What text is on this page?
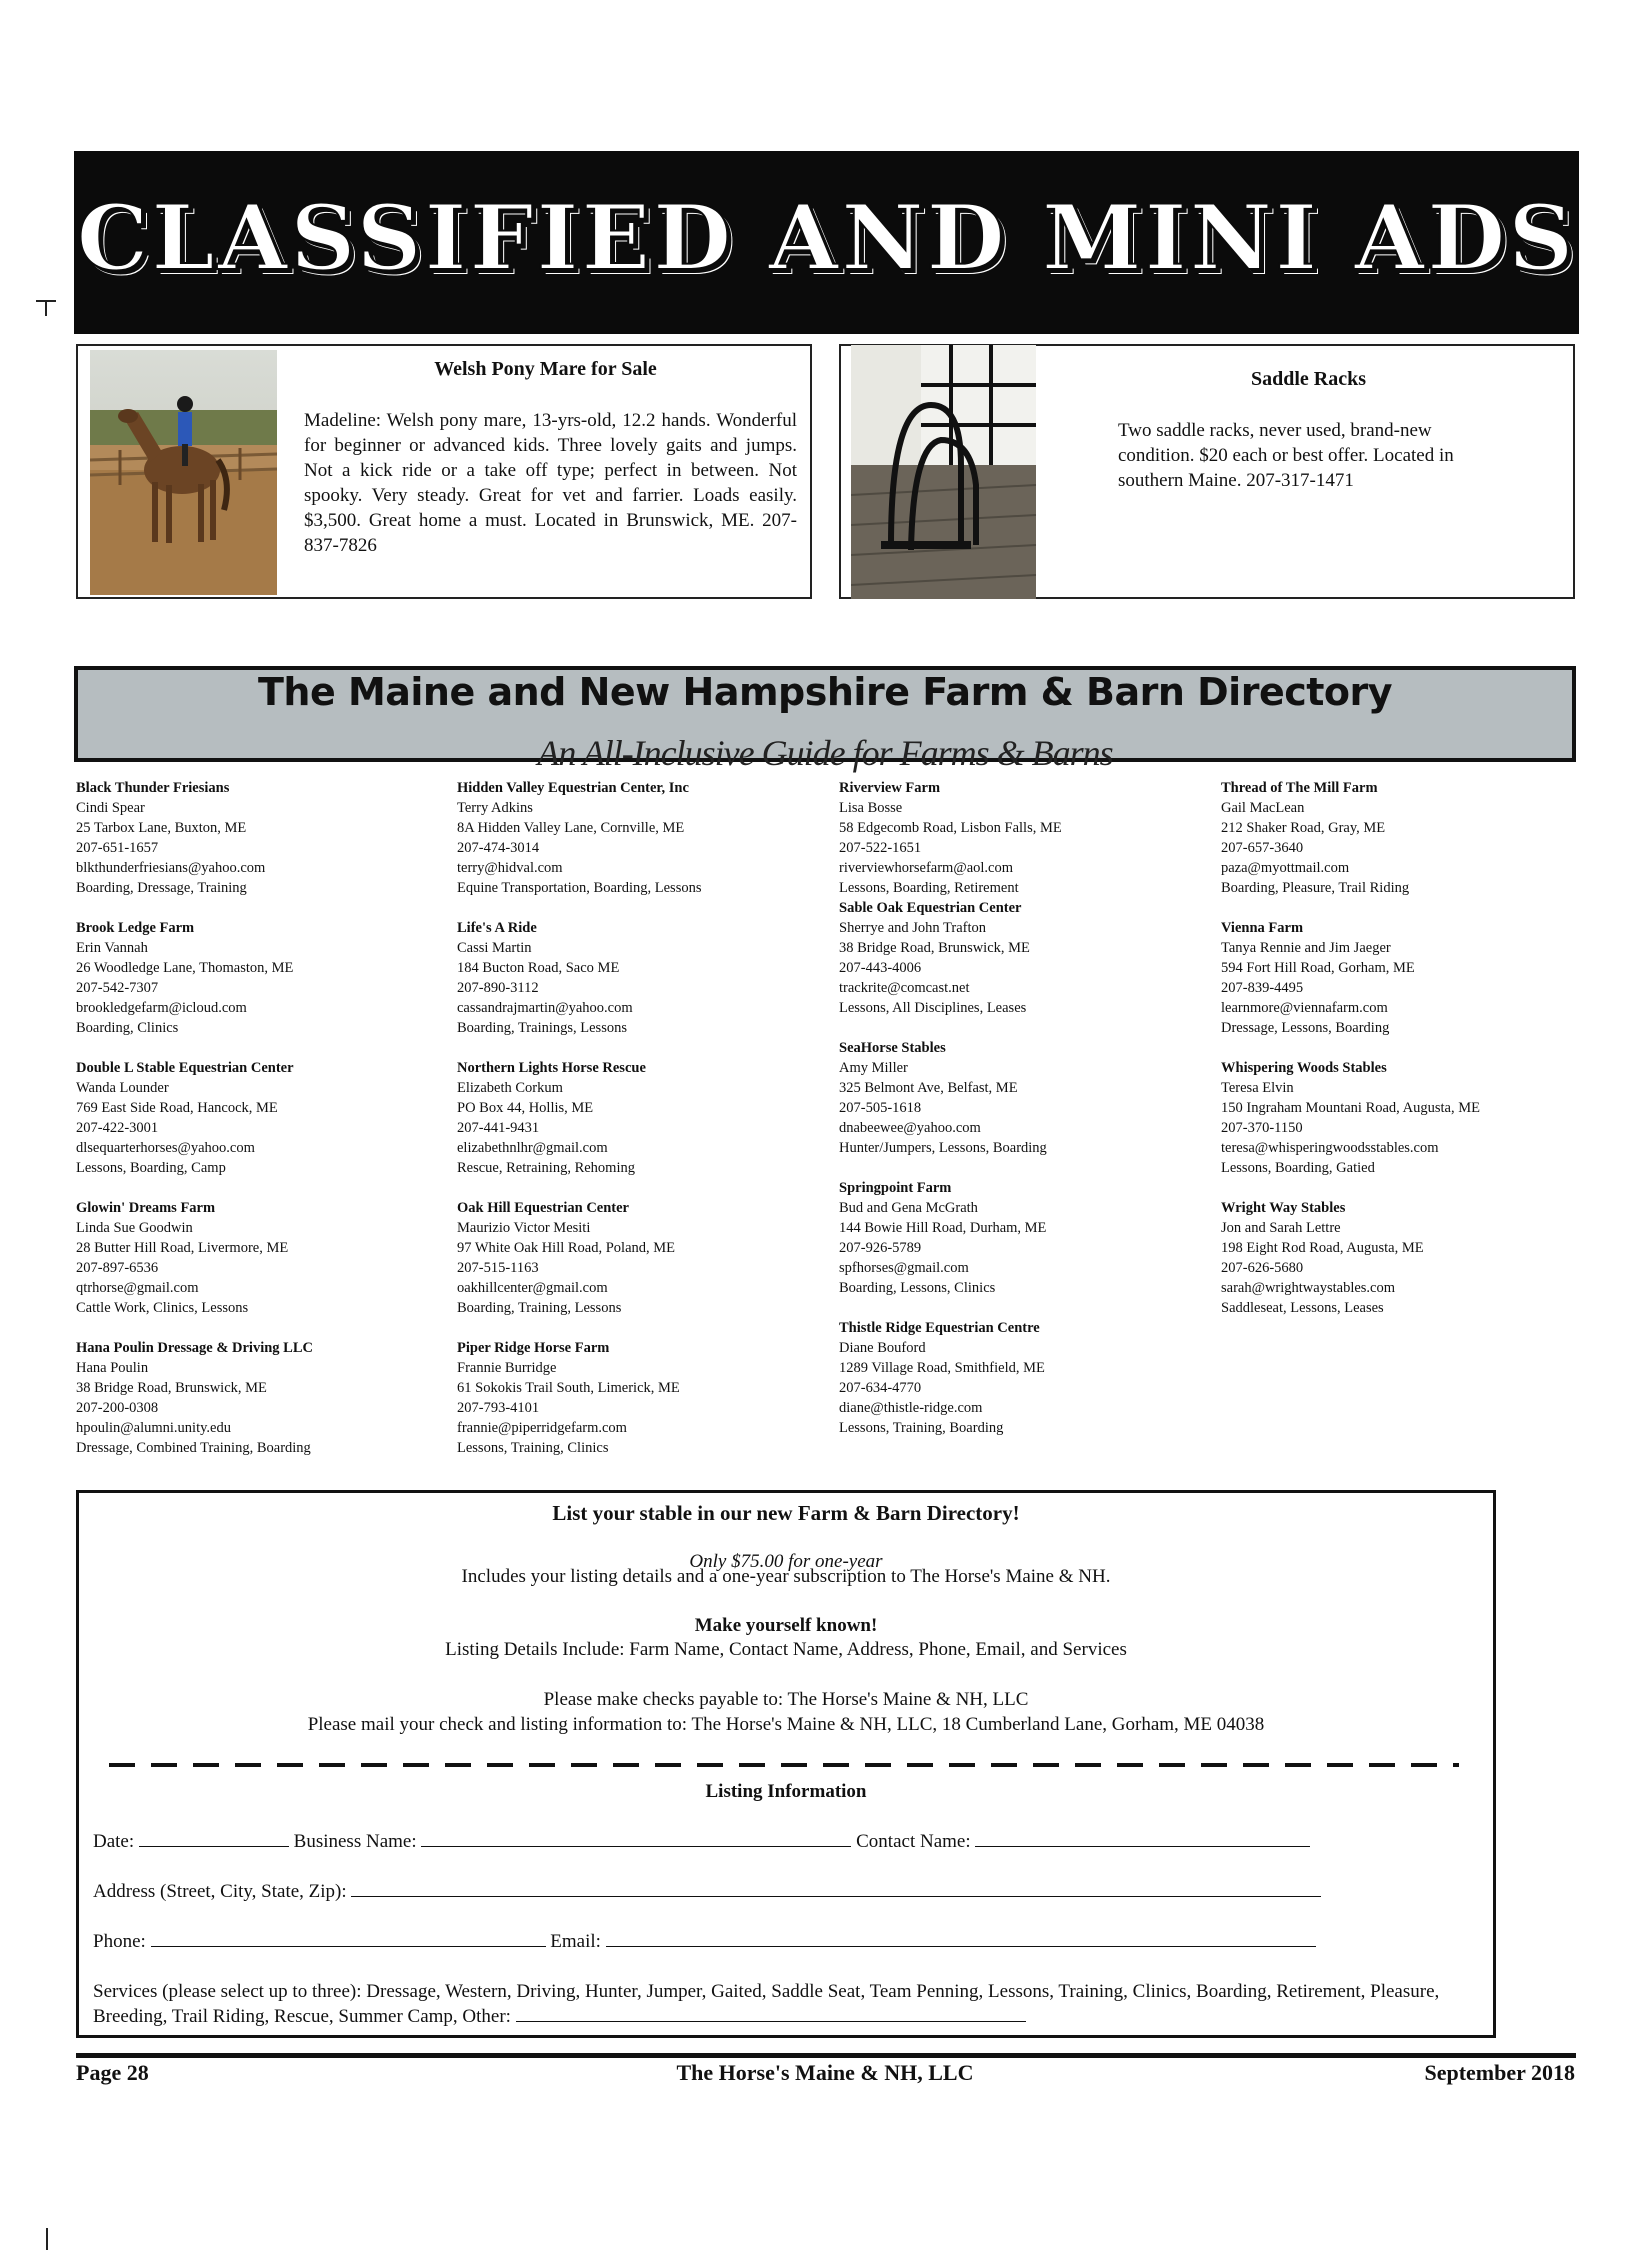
CLASSIFIED AND MINI ADS
Welsh Pony Mare for Sale
Madeline: Welsh pony mare, 13-yrs-old, 12.2 hands. Wonderful for beginner or advanced kids. Three lovely gaits and jumps. Not a kick ride or a take off type; perfect in between. Not spooky. Very steady. Great for vet and farrier. Loads easily. $3,500. Great home a must. Located in Brunswick, ME. 207-837-7826
Saddle Racks
Two saddle racks, never used, brand-new condition. $20 each or best offer. Located in southern Maine. 207-317-1471
The Maine and New Hampshire Farm & Barn Directory
An All-Inclusive Guide for Farms & Barns
Black Thunder Friesians
Cindi Spear
25 Tarbox Lane, Buxton, ME
207-651-1657
blkthunderfriesians@yahoo.com
Boarding, Dressage, Training
Brook Ledge Farm
Erin Vannah
26 Woodledge Lane, Thomaston, ME
207-542-7307
brookledgefarm@icloud.com
Boarding, Clinics
Double L Stable Equestrian Center
Wanda Lounder
769 East Side Road, Hancock, ME
207-422-3001
dlsequarterhorses@yahoo.com
Lessons, Boarding, Camp
Glowin' Dreams Farm
Linda Sue Goodwin
28 Butter Hill Road, Livermore, ME
207-897-6536
qtrhorse@gmail.com
Cattle Work, Clinics, Lessons
Hana Poulin Dressage & Driving LLC
Hana Poulin
38 Bridge Road, Brunswick, ME
207-200-0308
hpoulin@alumni.unity.edu
Dressage, Combined Training, Boarding
Hidden Valley Equestrian Center, Inc
Terry Adkins
8A Hidden Valley Lane, Cornville, ME
207-474-3014
terry@hidval.com
Equine Transportation, Boarding, Lessons
Life's A Ride
Cassi Martin
184 Bucton Road, Saco ME
207-890-3112
cassandrajmartin@yahoo.com
Boarding, Trainings, Lessons
Northern Lights Horse Rescue
Elizabeth Corkum
PO Box 44, Hollis, ME
207-441-9431
elizabethnlhr@gmail.com
Rescue, Retraining, Rehoming
Oak Hill Equestrian Center
Maurizio Victor Mesiti
97 White Oak Hill Road, Poland, ME
207-515-1163
oakhillcenter@gmail.com
Boarding, Training, Lessons
Piper Ridge Horse Farm
Frannie Burridge
61 Sokokis Trail South, Limerick, ME
207-793-4101
frannie@piperridgefarm.com
Lessons, Training, Clinics
Riverview Farm
Lisa Bosse
58 Edgecomb Road, Lisbon Falls, ME
207-522-1651
riverviewhorsefarm@aol.com
Lessons, Boarding, Retirement
Sable Oak Equestrian Center
Sherrye and John Trafton
38 Bridge Road, Brunswick, ME
207-443-4006
trackrite@comcast.net
Lessons, All Disciplines, Leases
SeaHorse Stables
Amy Miller
325 Belmont Ave, Belfast, ME
207-505-1618
dnabeewee@yahoo.com
Hunter/Jumpers, Lessons, Boarding
Springpoint Farm
Bud and Gena McGrath
144 Bowie Hill Road, Durham, ME
207-926-5789
spfhorses@gmail.com
Boarding, Lessons, Clinics
Thistle Ridge Equestrian Centre
Diane Bouford
1289 Village Road, Smithfield, ME
207-634-4770
diane@thistle-ridge.com
Lessons, Training, Boarding
Thread of The Mill Farm
Gail MacLean
212 Shaker Road, Gray, ME
207-657-3640
paza@myottmail.com
Boarding, Pleasure, Trail Riding
Vienna Farm
Tanya Rennie and Jim Jaeger
594 Fort Hill Road, Gorham, ME
207-839-4495
learnmore@viennafarm.com
Dressage, Lessons, Boarding
Whispering Woods Stables
Teresa Elvin
150 Ingraham Mountani Road, Augusta, ME
207-370-1150
teresa@whisperingwoodsstables.com
Lessons, Boarding, Gatied
Wright Way Stables
Jon and Sarah Lettre
198 Eight Rod Road, Augusta, ME
207-626-5680
sarah@wrightwaystables.com
Saddleseat, Lessons, Leases
List your stable in our new Farm & Barn Directory!
Only $75.00 for one-year
Includes your listing details and a one-year subscription to The Horse's Maine & NH.
Make yourself known!
Listing Details Include: Farm Name, Contact Name, Address, Phone, Email, and Services
Please make checks payable to: The Horse's Maine & NH, LLC
Please mail your check and listing information to: The Horse's Maine & NH, LLC, 18 Cumberland Lane, Gorham, ME 04038
Listing Information
Date:	Business Name:	Contact Name:
Address (Street, City, State, Zip):
Phone:	Email:
Services (please select up to three): Dressage, Western, Driving, Hunter, Jumper, Gaited, Saddle Seat, Team Penning, Lessons, Training, Clinics, Boarding, Retirement, Pleasure,
Breeding, Trail Riding, Rescue, Summer Camp, Other:
Page 28	The Horse's Maine & NH, LLC	September 2018
